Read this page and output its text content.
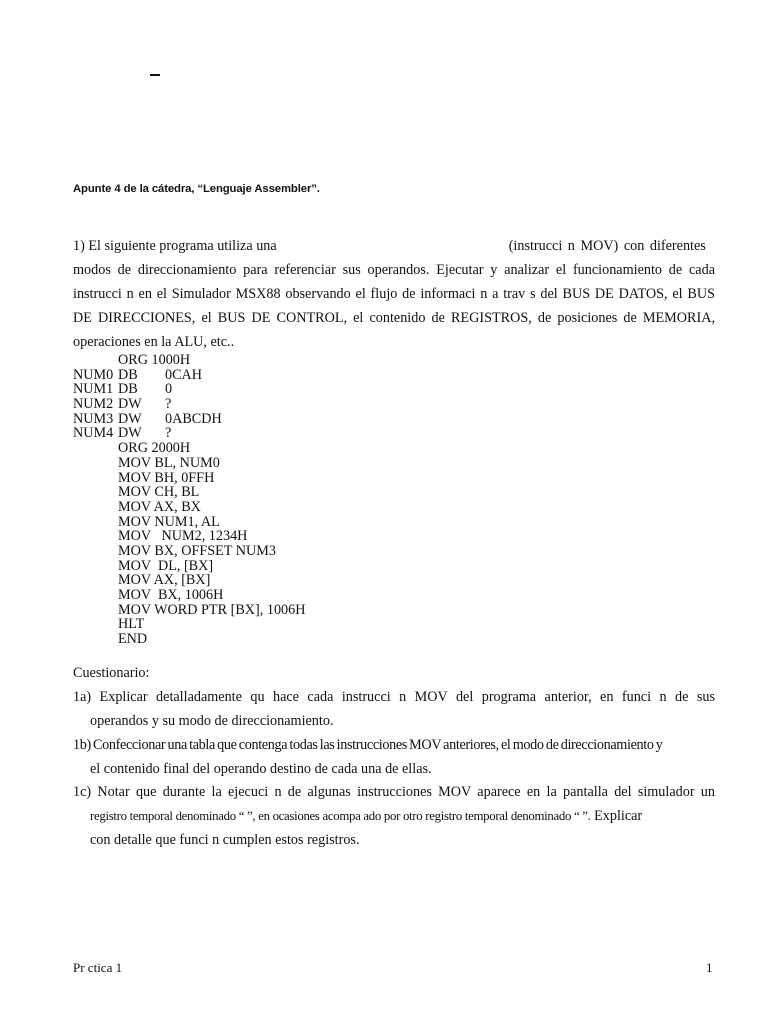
Apunte 4 de la cátedra, “Lenguaje Assembler”.
1) El siguiente programa utiliza una	(instrucci n MOV) con diferentes
modos de direccionamiento para referenciar sus operandos. Ejecutar y analizar el funcionamiento de cada
instrucci n en el Simulador MSX88 observando el flujo de informaci n a trav s del BUS DE DATOS, el BUS
DE DIRECCIONES, el BUS DE CONTROL, el contenido de REGISTROS, de posiciones de MEMORIA,
operaciones en la ALU, etc..
ORG 1000H
NUM0 DB 0CAH
NUM1 DB 0
NUM2 DW ?
NUM3 DW 0ABCDH
NUM4 DW ?
ORG 2000H
MOV BL, NUM0
MOV BH, 0FFH
MOV CH, BL
MOV AX, BX
MOV NUM1, AL
MOV   NUM2, 1234H
MOV BX, OFFSET NUM3
MOV  DL, [BX]
MOV AX, [BX]
MOV  BX, 1006H
MOV WORD PTR [BX], 1006H
HLT
END
Cuestionario:
1a) Explicar detalladamente qu hace cada instrucci n MOV del programa anterior, en funci n de sus
operandos y su modo de direccionamiento.
1b) Confeccionar una tabla que contenga todas las instrucciones MOV anteriores, el modo de direccionamiento y
el contenido final del operando destino de cada una de ellas.
1c) Notar que durante la ejecuci n de algunas instrucciones MOV aparece en la pantalla del simulador un
registro temporal denominado “ ”, en ocasiones acompa ado por otro registro temporal denominado “ ”. Explicar
con detalle que funci n cumplen estos registros.
Pr ctica 1	1
